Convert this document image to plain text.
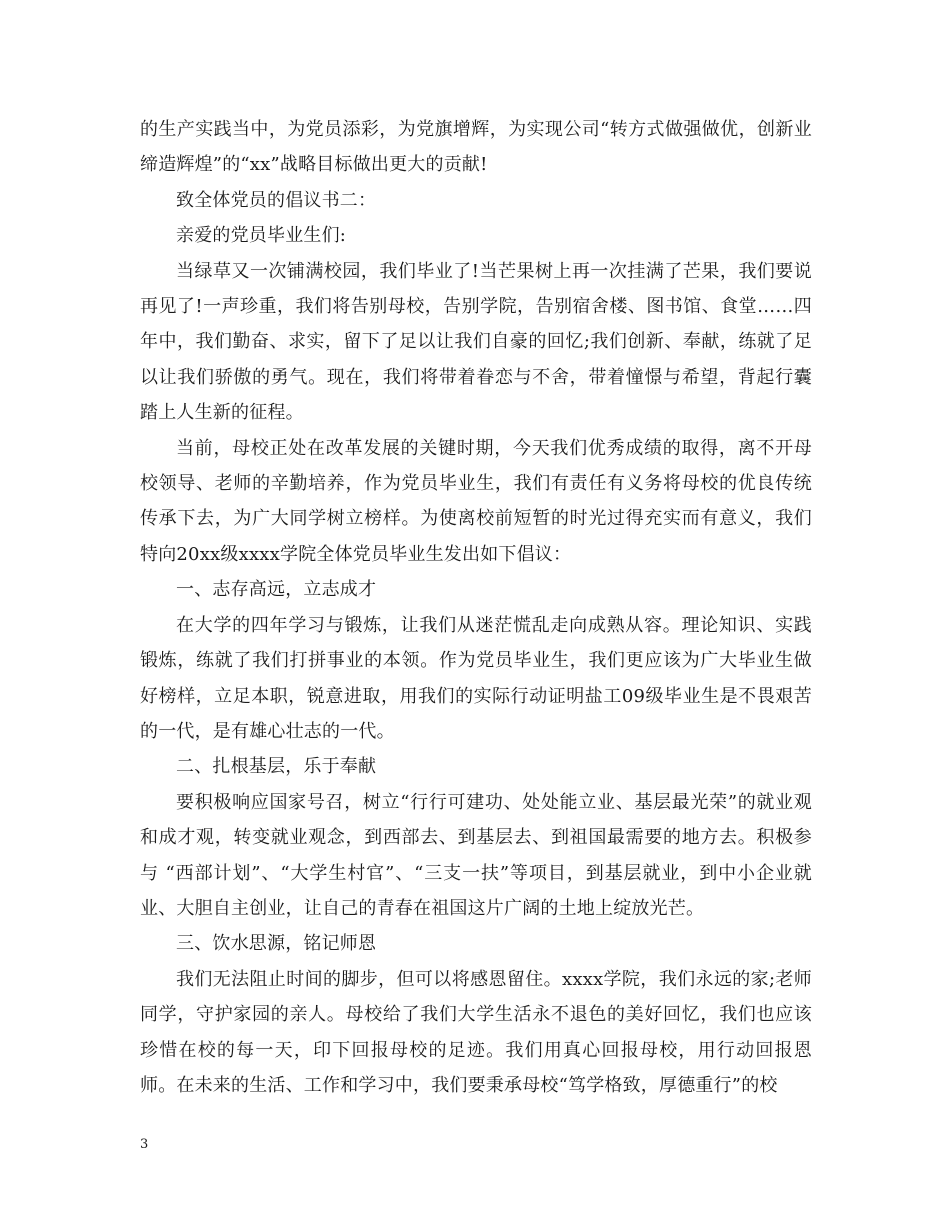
的生产实践当中，为党员添彩，为党旗增辉，为实现公司“转方式做强做优，创新业缔造辉煌”的“xx”战略目标做出更大的贡献!

致全体党员的倡议书二：

亲爱的党员毕业生们:

当绿草又一次铺满校园，我们毕业了!当芒果树上再一次挂满了芒果，我们要说再见了!一声珍重，我们将告别母校，告别学院，告别宿舍楼、图书馆、食堂……四年中，我们勤奋、求实，留下了足以让我们自豪的回忆;我们创新、奉献，练就了足以让我们骄傲的勇气。现在，我们将带着眷恋与不舍，带着憧憬与希望，背起行囊踏上人生新的征程。

当前，母校正处在改革发展的关键时期，今天我们优秀成绩的取得，离不开母校领导、老师的辛勤培养，作为党员毕业生，我们有责任有义务将母校的优良传统传承下去，为广大同学树立榜样。为使离校前短暂的时光过得充实而有意义，我们特向20xx级xxxx学院全体党员毕业生发出如下倡议：

一、志存高远，立志成才

在大学的四年学习与锻炼，让我们从迷茫慌乱走向成熟从容。理论知识、实践锻炼，练就了我们打拼事业的本领。作为党员毕业生，我们更应该为广大毕业生做好榜样，立足本职，锐意进取，用我们的实际行动证明盐工09级毕业生是不畏艰苦的一代，是有雄心壮志的一代。

二、扎根基层，乐于奉献

要积极响应国家号召，树立“行行可建功、处处能立业、基层最光荣”的就业观和成才观，转变就业观念，到西部去、到基层去、到祖国最需要的地方去。积极参与 “西部计划”、“大学生村官”、“三支一扶”等项目，到基层就业，到中小企业就业、大胆自主创业，让自己的青春在祖国这片广阔的土地上绽放光芒。

三、饮水思源，铭记师恩

我们无法阻止时间的脚步，但可以将感恩留住。xxxx学院，我们永远的家;老师同学，守护家园的亲人。母校给了我们大学生活永不退色的美好回忆，我们也应该珍惜在校的每一天，印下回报母校的足迹。我们用真心回报母校，用行动回报恩师。在未来的生活、工作和学习中，我们要秉承母校“笃学格致，厚德重行”的校

3
